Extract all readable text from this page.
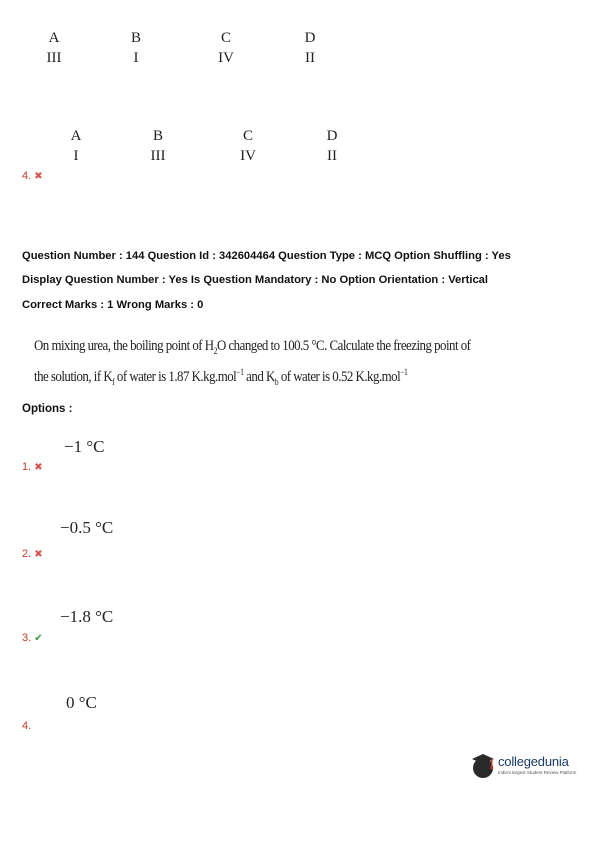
A
III
B
I
C
IV
D
II
A
I
B
III
C
IV
D
II
4. ✖
Question Number : 144 Question Id : 342604464 Question Type : MCQ Option Shuffling : Yes
Display Question Number : Yes Is Question Mandatory : No Option Orientation : Vertical
Correct Marks : 1 Wrong Marks : 0
On mixing urea, the boiling point of $H_2O$ changed to 100.5 °C. Calculate the freezing point of the solution, if $K_f$ of water is 1.87 K.kg.mol$^{-1}$ and $K_b$ of water is 0.52 K.kg.mol$^{-1}$
Options :
−1 °C
1. ✖
−0.5 °C
2. ✖
−1.8 °C
3. ✔
0 °C
4.
collegedunia
India's largest Student Review Platform
